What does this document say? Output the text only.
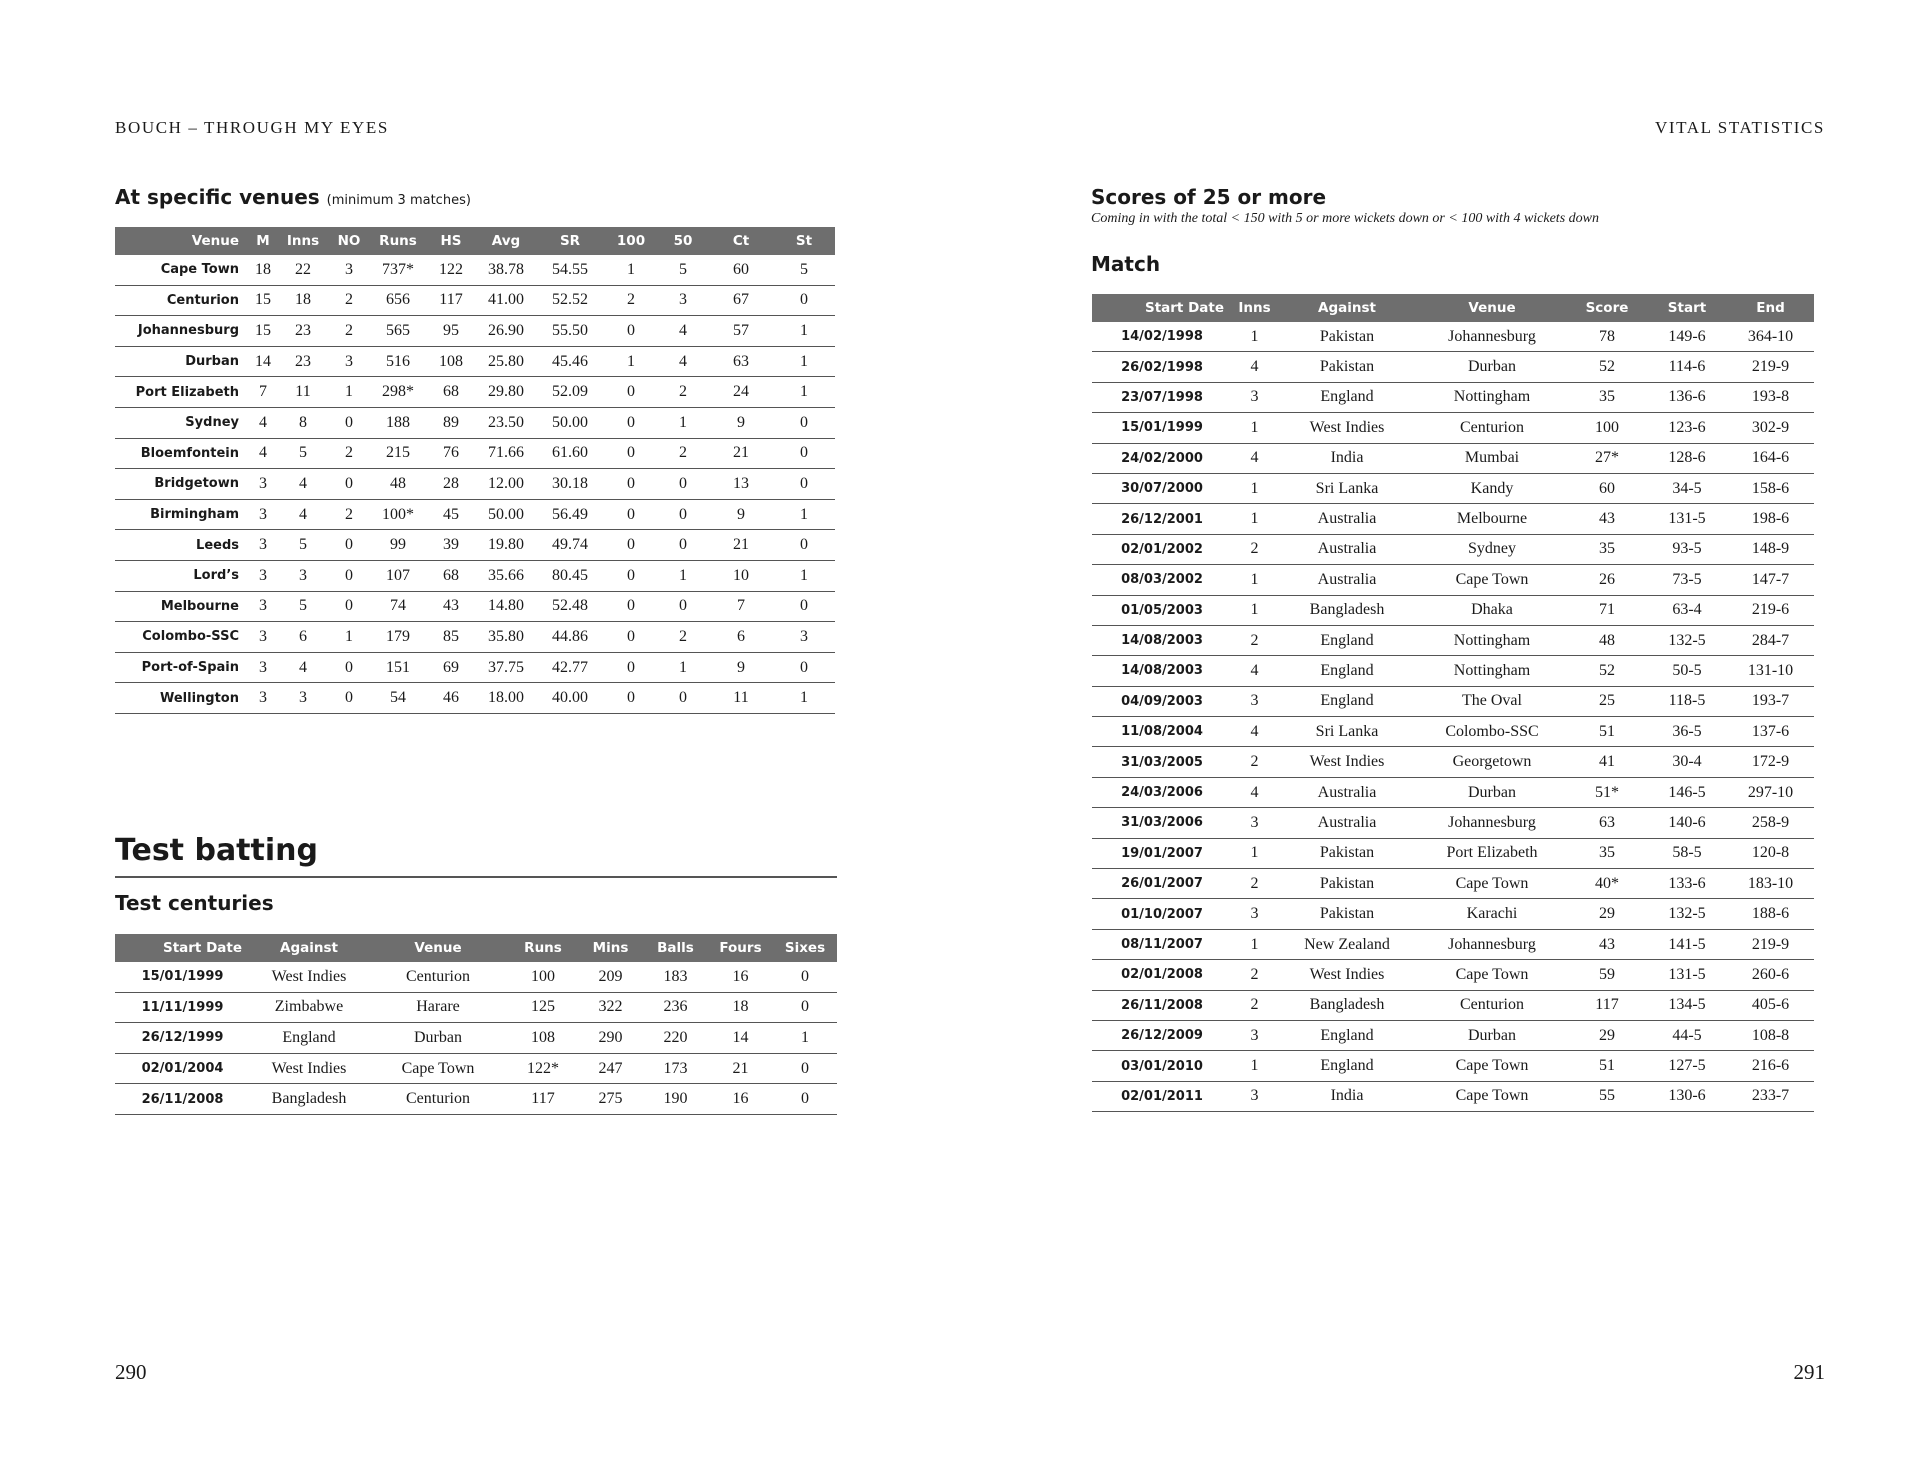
BOUCH – THROUGH MY EYES
At specific venues (minimum 3 matches)
Venue	M	Inns	NO	Runs	HS	Avg	SR	100	50	Ct	St
Cape Town	18	22	3	737*	122	38.78	54.55	1	5	60	5
Centurion	15	18	2	656	117	41.00	52.52	2	3	67	0
Johannesburg	15	23	2	565	95	26.90	55.50	0	4	57	1
Durban	14	23	3	516	108	25.80	45.46	1	4	63	1
Port Elizabeth	7	11	1	298*	68	29.80	52.09	0	2	24	1
Sydney	4	8	0	188	89	23.50	50.00	0	1	9	0
Bloemfontein	4	5	2	215	76	71.66	61.60	0	2	21	0
Bridgetown	3	4	0	48	28	12.00	30.18	0	0	13	0
Birmingham	3	4	2	100*	45	50.00	56.49	0	0	9	1
Leeds	3	5	0	99	39	19.80	49.74	0	0	21	0
Lord’s	3	3	0	107	68	35.66	80.45	0	1	10	1
Melbourne	3	5	0	74	43	14.80	52.48	0	0	7	0
Colombo-SSC	3	6	1	179	85	35.80	44.86	0	2	6	3
Port-of-Spain	3	4	0	151	69	37.75	42.77	0	1	9	0
Wellington	3	3	0	54	46	18.00	40.00	0	0	11	1
Test batting
Test centuries
Start Date	Against	Venue	Runs	Mins	Balls	Fours	Sixes
15/01/1999	West Indies	Centurion	100	209	183	16	0
11/11/1999	Zimbabwe	Harare	125	322	236	18	0
26/12/1999	England	Durban	108	290	220	14	1
02/01/2004	West Indies	Cape Town	122*	247	173	21	0
26/11/2008	Bangladesh	Centurion	117	275	190	16	0
290
VITAL STATISTICS
Scores of 25 or more

Coming in with the total < 150 with 5 or more wickets down or < 100 with 4 wickets down

Match
Start Date	Inns	Against	Venue	Score	Start	End
14/02/1998	1	Pakistan	Johannesburg	78	149-6	364-10
26/02/1998	4	Pakistan	Durban	52	114-6	219-9
23/07/1998	3	England	Nottingham	35	136-6	193-8
15/01/1999	1	West Indies	Centurion	100	123-6	302-9
24/02/2000	4	India	Mumbai	27*	128-6	164-6
30/07/2000	1	Sri Lanka	Kandy	60	34-5	158-6
26/12/2001	1	Australia	Melbourne	43	131-5	198-6
02/01/2002	2	Australia	Sydney	35	93-5	148-9
08/03/2002	1	Australia	Cape Town	26	73-5	147-7
01/05/2003	1	Bangladesh	Dhaka	71	63-4	219-6
14/08/2003	2	England	Nottingham	48	132-5	284-7
14/08/2003	4	England	Nottingham	52	50-5	131-10
04/09/2003	3	England	The Oval	25	118-5	193-7
11/08/2004	4	Sri Lanka	Colombo-SSC	51	36-5	137-6
31/03/2005	2	West Indies	Georgetown	41	30-4	172-9
24/03/2006	4	Australia	Durban	51*	146-5	297-10
31/03/2006	3	Australia	Johannesburg	63	140-6	258-9
19/01/2007	1	Pakistan	Port Elizabeth	35	58-5	120-8
26/01/2007	2	Pakistan	Cape Town	40*	133-6	183-10
01/10/2007	3	Pakistan	Karachi	29	132-5	188-6
08/11/2007	1	New Zealand	Johannesburg	43	141-5	219-9
02/01/2008	2	West Indies	Cape Town	59	131-5	260-6
26/11/2008	2	Bangladesh	Centurion	117	134-5	405-6
26/12/2009	3	England	Durban	29	44-5	108-8
03/01/2010	1	England	Cape Town	51	127-5	216-6
02/01/2011	3	India	Cape Town	55	130-6	233-7
291
